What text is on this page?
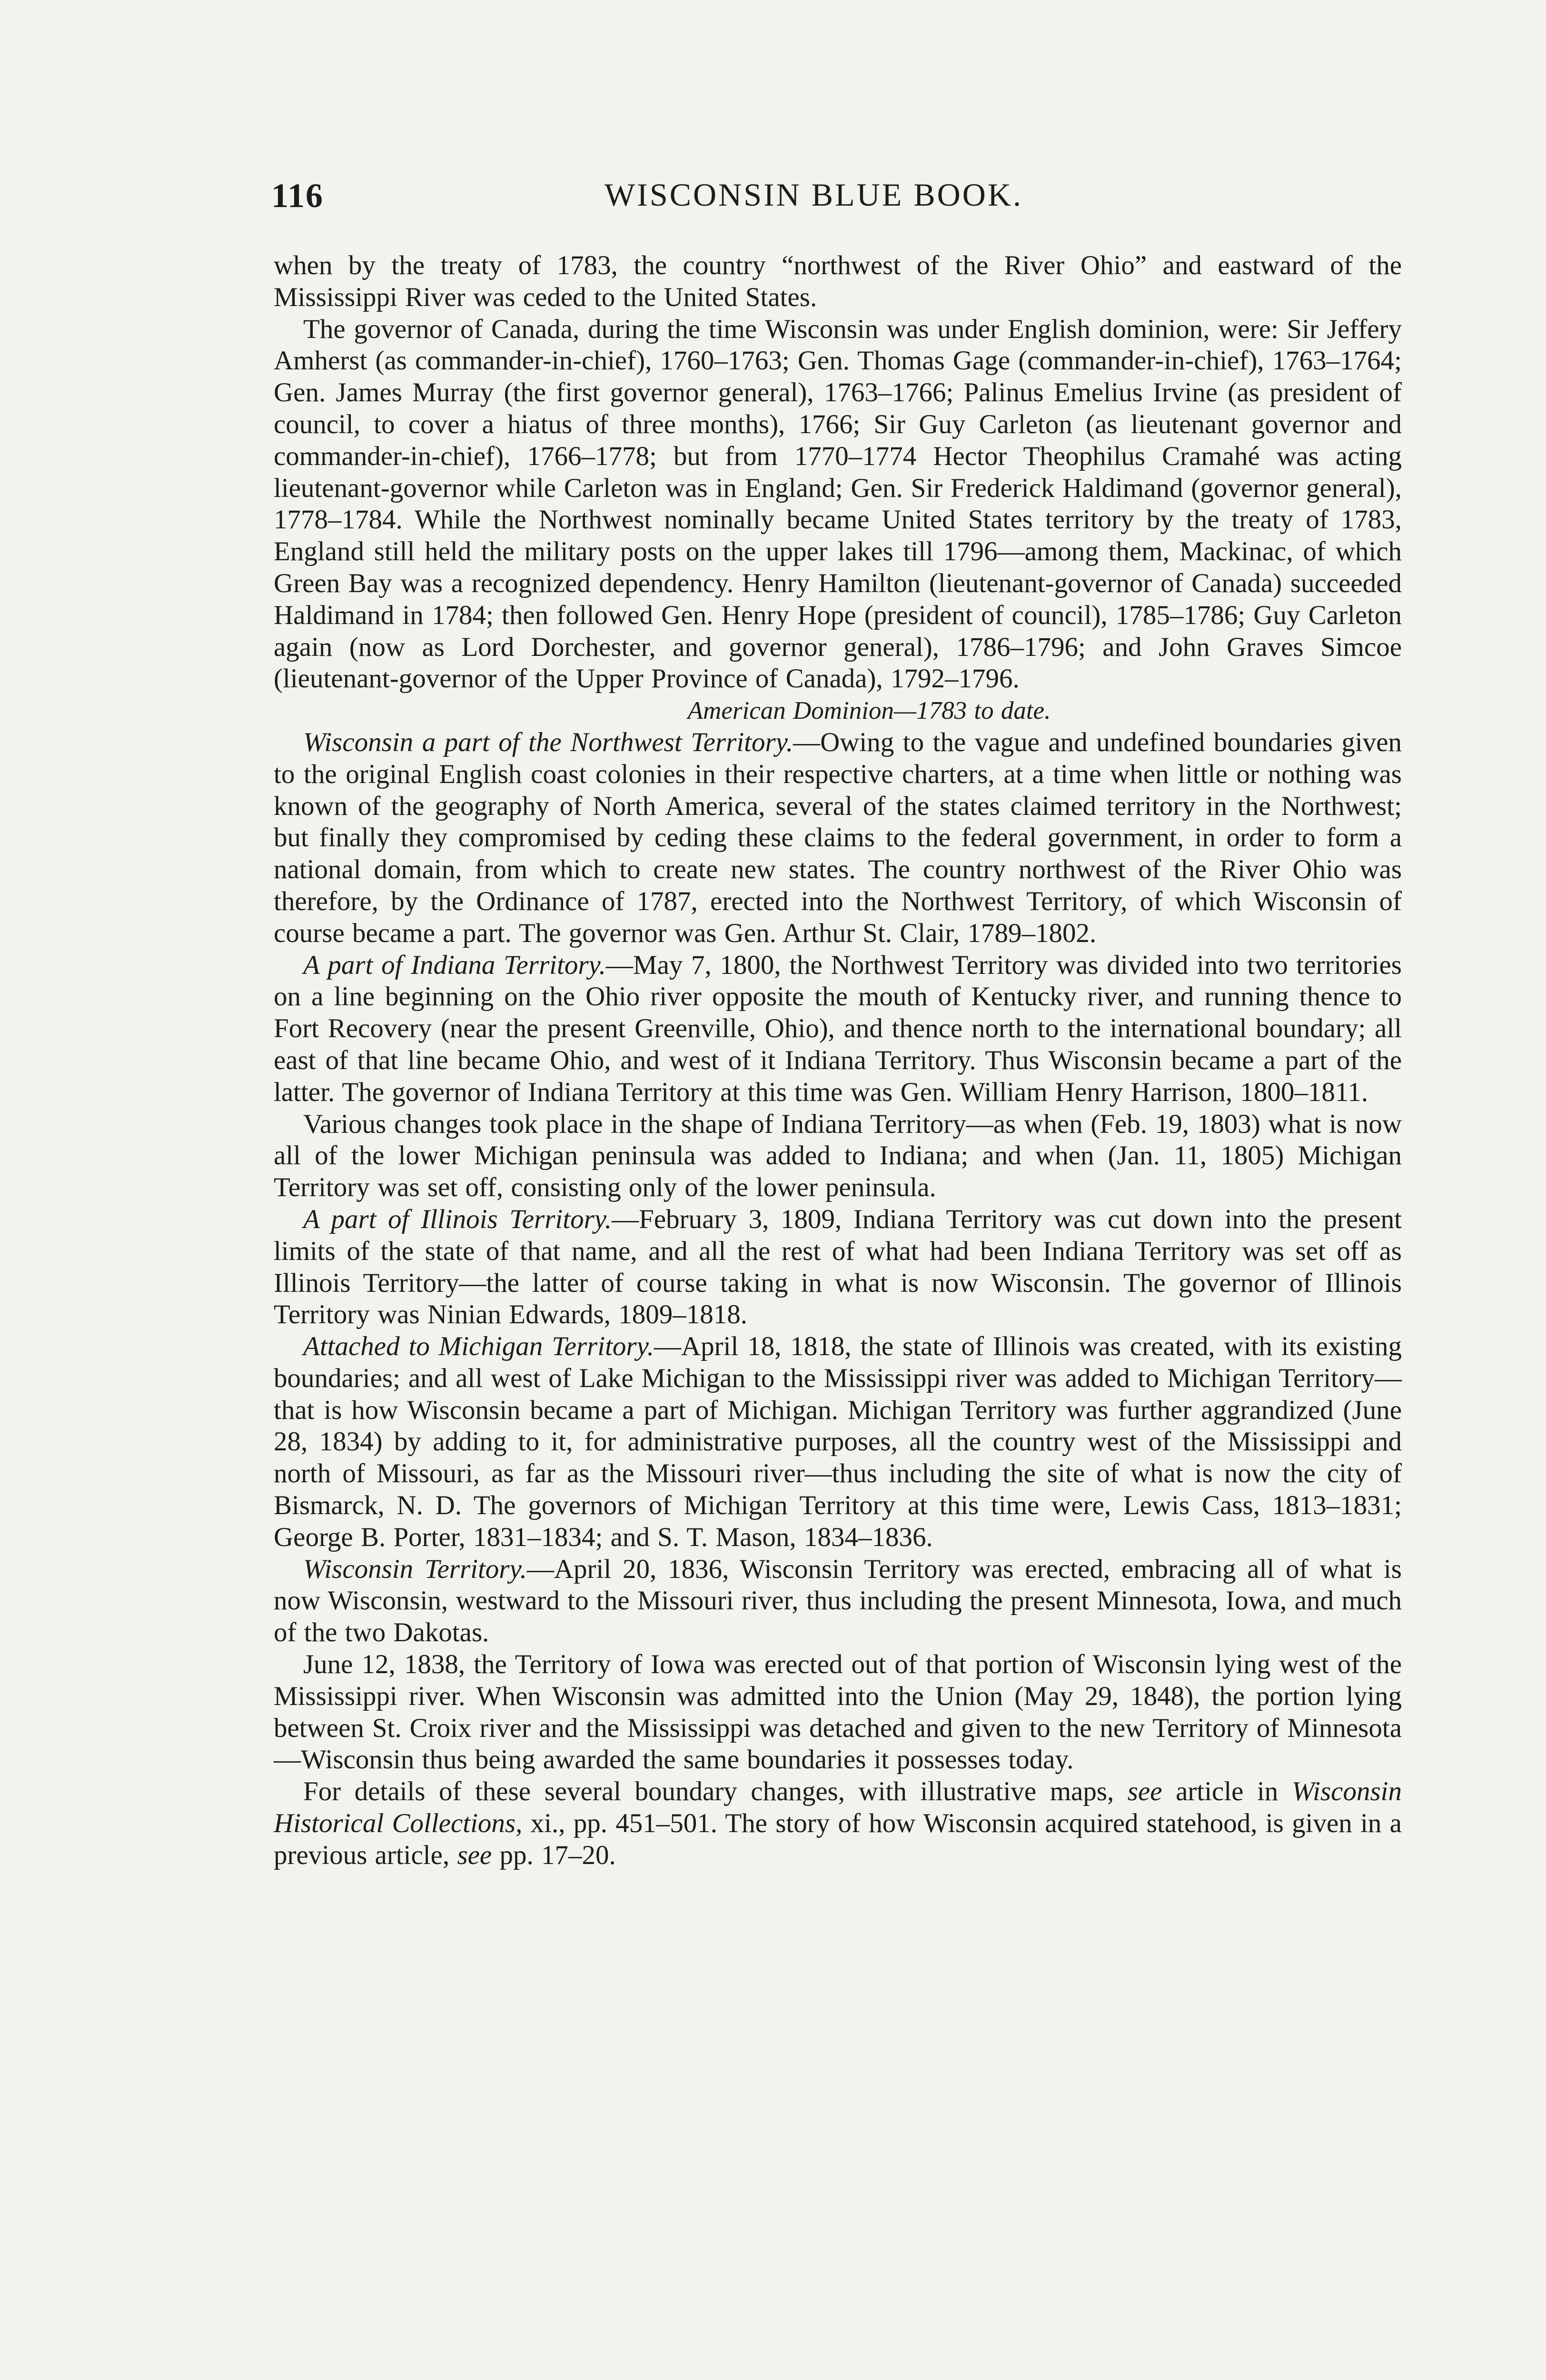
116	WISCONSIN BLUE BOOK.

when by the treaty of 1783, the country “northwest of the River Ohio” and eastward of the Mississippi River was ceded to the United States.

The governor of Canada, during the time Wisconsin was under English dominion, were: Sir Jeffery Amherst (as commander-in-chief), 1760–1763; Gen. Thomas Gage (commander-in-chief), 1763–1764; Gen. James Murray (the first governor general), 1763–1766; Palinus Emelius Irvine (as president of council, to cover a hiatus of three months), 1766; Sir Guy Carleton (as lieutenant governor and commander-in-chief), 1766–1778; but from 1770–1774 Hector Theophilus Cramahé was acting lieutenant-governor while Carleton was in England; Gen. Sir Frederick Haldimand (governor general), 1778–1784. While the Northwest nominally became United States territory by the treaty of 1783, England still held the military posts on the upper lakes till 1796—among them, Mackinac, of which Green Bay was a recognized dependency. Henry Hamilton (lieutenant-governor of Canada) succeeded Haldimand in 1784; then followed Gen. Henry Hope (president of council), 1785–1786; Guy Carleton again (now as Lord Dorchester, and governor general), 1786–1796; and John Graves Simcoe (lieutenant-governor of the Upper Province of Canada), 1792–1796.

American Dominion—1783 to date.

Wisconsin a part of the Northwest Territory.—Owing to the vague and undefined boundaries given to the original English coast colonies in their respective charters, at a time when little or nothing was known of the geography of North America, several of the states claimed territory in the Northwest; but finally they compromised by ceding these claims to the federal government, in order to form a national domain, from which to create new states. The country northwest of the River Ohio was therefore, by the Ordinance of 1787, erected into the Northwest Territory, of which Wisconsin of course became a part. The governor was Gen. Arthur St. Clair, 1789–1802.

A part of Indiana Territory.—May 7, 1800, the Northwest Territory was divided into two territories on a line beginning on the Ohio river opposite the mouth of Kentucky river, and running thence to Fort Recovery (near the present Greenville, Ohio), and thence north to the international boundary; all east of that line became Ohio, and west of it Indiana Territory. Thus Wisconsin became a part of the latter. The governor of Indiana Territory at this time was Gen. William Henry Harrison, 1800–1811.

Various changes took place in the shape of Indiana Territory—as when (Feb. 19, 1803) what is now all of the lower Michigan peninsula was added to Indiana; and when (Jan. 11, 1805) Michigan Territory was set off, consisting only of the lower peninsula.

A part of Illinois Territory.—February 3, 1809, Indiana Territory was cut down into the present limits of the state of that name, and all the rest of what had been Indiana Territory was set off as Illinois Territory—the latter of course taking in what is now Wisconsin. The governor of Illinois Territory was Ninian Edwards, 1809–1818.

Attached to Michigan Territory.—April 18, 1818, the state of Illinois was created, with its existing boundaries; and all west of Lake Michigan to the Mississippi river was added to Michigan Territory—that is how Wisconsin became a part of Michigan. Michigan Territory was further aggrandized (June 28, 1834) by adding to it, for administrative purposes, all the country west of the Mississippi and north of Missouri, as far as the Missouri river—thus including the site of what is now the city of Bismarck, N. D. The governors of Michigan Territory at this time were, Lewis Cass, 1813–1831; George B. Porter, 1831–1834; and S. T. Mason, 1834–1836.

Wisconsin Territory.—April 20, 1836, Wisconsin Territory was erected, embracing all of what is now Wisconsin, westward to the Missouri river, thus including the present Minnesota, Iowa, and much of the two Dakotas.

June 12, 1838, the Territory of Iowa was erected out of that portion of Wisconsin lying west of the Mississippi river. When Wisconsin was admitted into the Union (May 29, 1848), the portion lying between St. Croix river and the Mississippi was detached and given to the new Territory of Minnesota—Wisconsin thus being awarded the same boundaries it possesses today.

For details of these several boundary changes, with illustrative maps, see article in Wisconsin Historical Collections, xi., pp. 451–501. The story of how Wisconsin acquired statehood, is given in a previous article, see pp. 17–20.
